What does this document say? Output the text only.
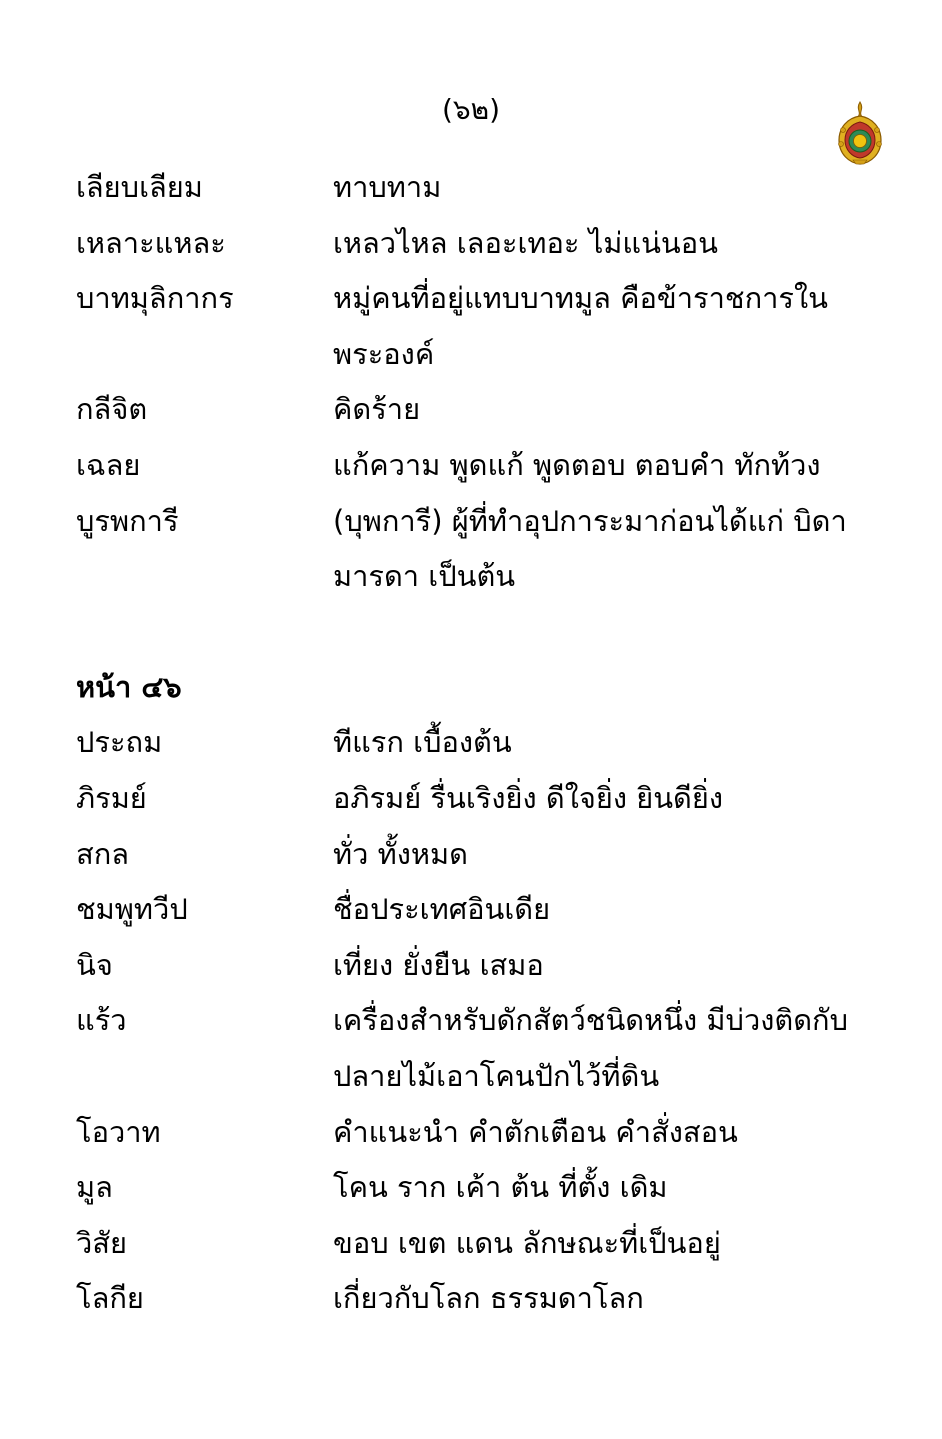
(๖๒)
เลียบเลียม	ทาบทาม
เหลาะแหละ	เหลวไหล เลอะเทอะ ไม่แน่นอน
บาทมุลิกากร	หมู่คนที่อยู่แทบบาทมูล คือข้าราชการใน
พระองค์
กลีจิต	คิดร้าย
เฉลย	แก้ความ พูดแก้ พูดตอบ ตอบคำ ทักท้วง
บูรพการี	(บุพการี) ผู้ที่ทำอุปการะมาก่อนได้แก่ บิดา
มารดา เป็นต้น
หน้า ๔๖
ประถม	ทีแรก เบื้องต้น
ภิรมย์	อภิรมย์ รื่นเริงยิ่ง ดีใจยิ่ง ยินดียิ่ง
สกล	ทั่ว ทั้งหมด
ชมพูทวีป	ชื่อประเทศอินเดีย
นิจ	เที่ยง ยั่งยืน เสมอ
แร้ว	เครื่องสำหรับดักสัตว์ชนิดหนึ่ง มีบ่วงติดกับ
ปลายไม้เอาโคนปักไว้ที่ดิน
โอวาท	คำแนะนำ คำตักเตือน คำสั่งสอน
มูล	โคน ราก เค้า ต้น ที่ตั้ง เดิม
วิสัย	ขอบ เขต แดน ลักษณะที่เป็นอยู่
โลกีย	เกี่ยวกับโลก ธรรมดาโลก
